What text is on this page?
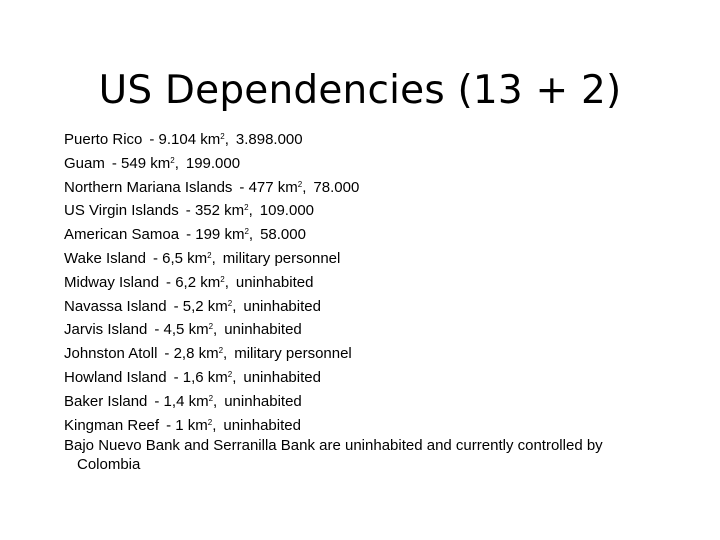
US Dependencies (13 + 2)
Puerto Rico - 9.104 $km^2$, 3.898.000
Guam - 549 $km^2$, 199.000
Northern Mariana Islands - 477 $km^2$, 78.000
US Virgin Islands - 352 $km^2$, 109.000
American Samoa - 199 $km^2$, 58.000
Wake Island - 6,5 $km^2$, military personnel
Midway Island - 6,2 $km^2$, uninhabited
Navassa Island - 5,2 $km^2$, uninhabited
Jarvis Island - 4,5 $km^2$, uninhabited
Johnston Atoll - 2,8 $km^2$, military personnel
Howland Island - 1,6 $km^2$, uninhabited
Baker Island - 1,4 $km^2$, uninhabited
Kingman Reef - 1 $km^2$, uninhabited
Bajo Nuevo Bank and Serranilla Bank are uninhabited and currently controlled by
Colombia
